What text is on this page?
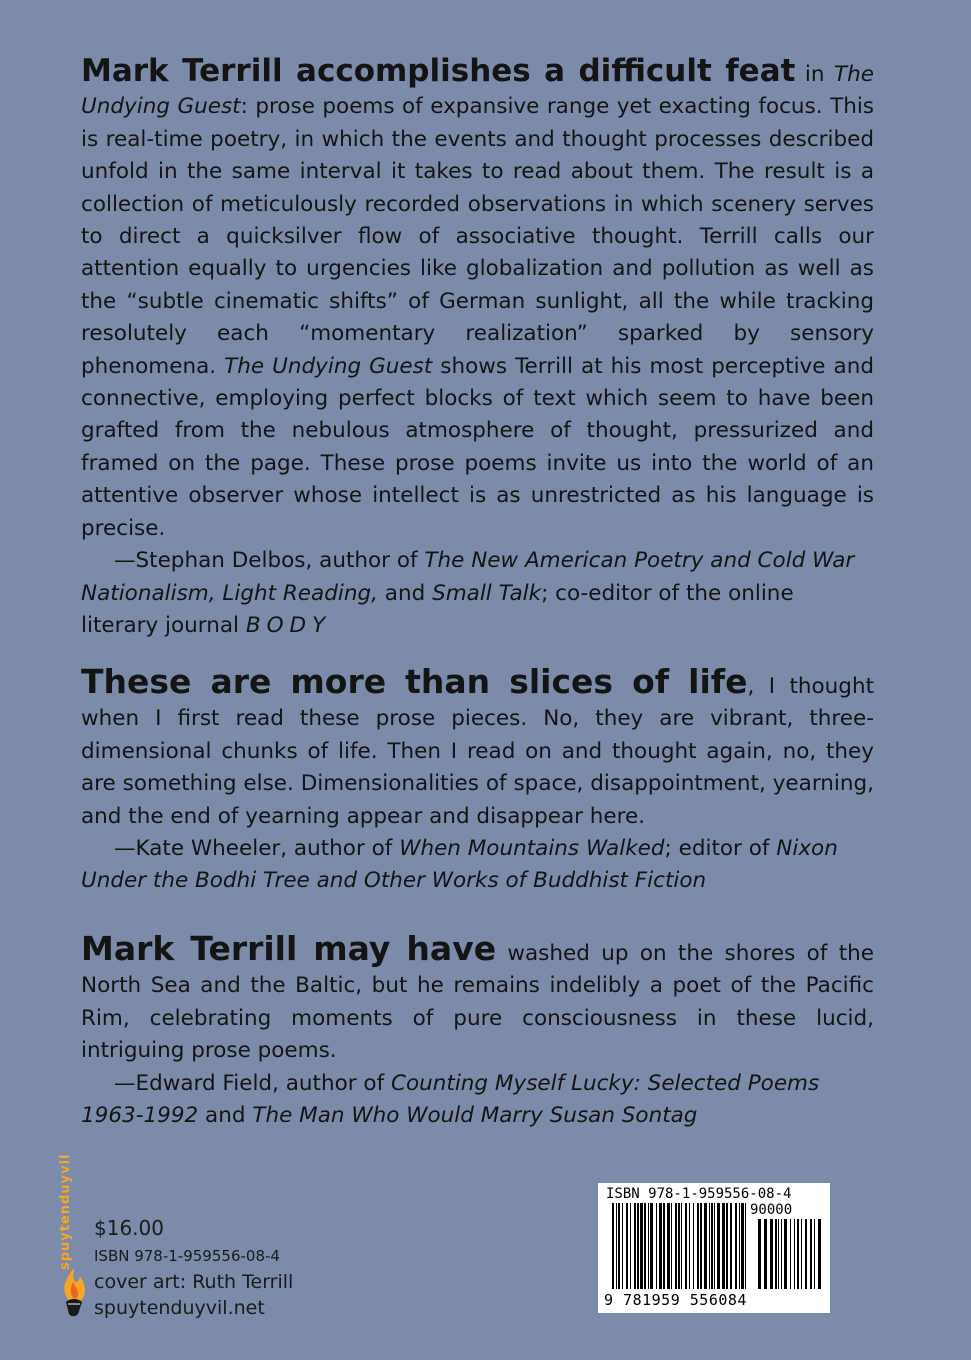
Mark Terrill accomplishes a difficult feat in The Undying Guest: prose poems of expansive range yet exacting focus. This is real-time poetry, in which the events and thought processes described unfold in the same interval it takes to read about them. The result is a collection of meticulously recorded observations in which scenery serves to direct a quicksilver flow of associative thought. Terrill calls our attention equally to urgencies like globalization and pollution as well as the “subtle cinematic shifts” of German sunlight, all the while tracking resolutely each “momentary realization” sparked by sensory phenomena. The Undying Guest shows Terrill at his most perceptive and connective, employing perfect blocks of text which seem to have been grafted from the nebulous atmosphere of thought, pressurized and framed on the page. These prose poems invite us into the world of an attentive observer whose intellect is as unrestricted as his language is precise.

—Stephan Delbos, author of The New American Poetry and Cold War Nationalism, Light Reading, and Small Talk; co-editor of the online literary journal BODY

These are more than slices of life, I thought when I first read these prose pieces. No, they are vibrant, three-dimensional chunks of life. Then I read on and thought again, no, they are something else. Dimensionalities of space, disappointment, yearning, and the end of yearning appear and disappear here.

—Kate Wheeler, author of When Mountains Walked; editor of Nixon Under the Bodhi Tree and Other Works of Buddhist Fiction

Mark Terrill may have washed up on the shores of the North Sea and the Baltic, but he remains indelibly a poet of the Pacific Rim, celebrating moments of pure consciousness in these lucid, intriguing prose poems.

—Edward Field, author of Counting Myself Lucky: Selected Poems 1963-1992 and The Man Who Would Marry Susan Sontag

spuytenduyvil $16.00
ISBN 978-1-959556-08-4
cover art: Ruth Terrill
spuytenduyvil.net
ISBN 978-1-959556-08-4
90000
9 781959 556084
